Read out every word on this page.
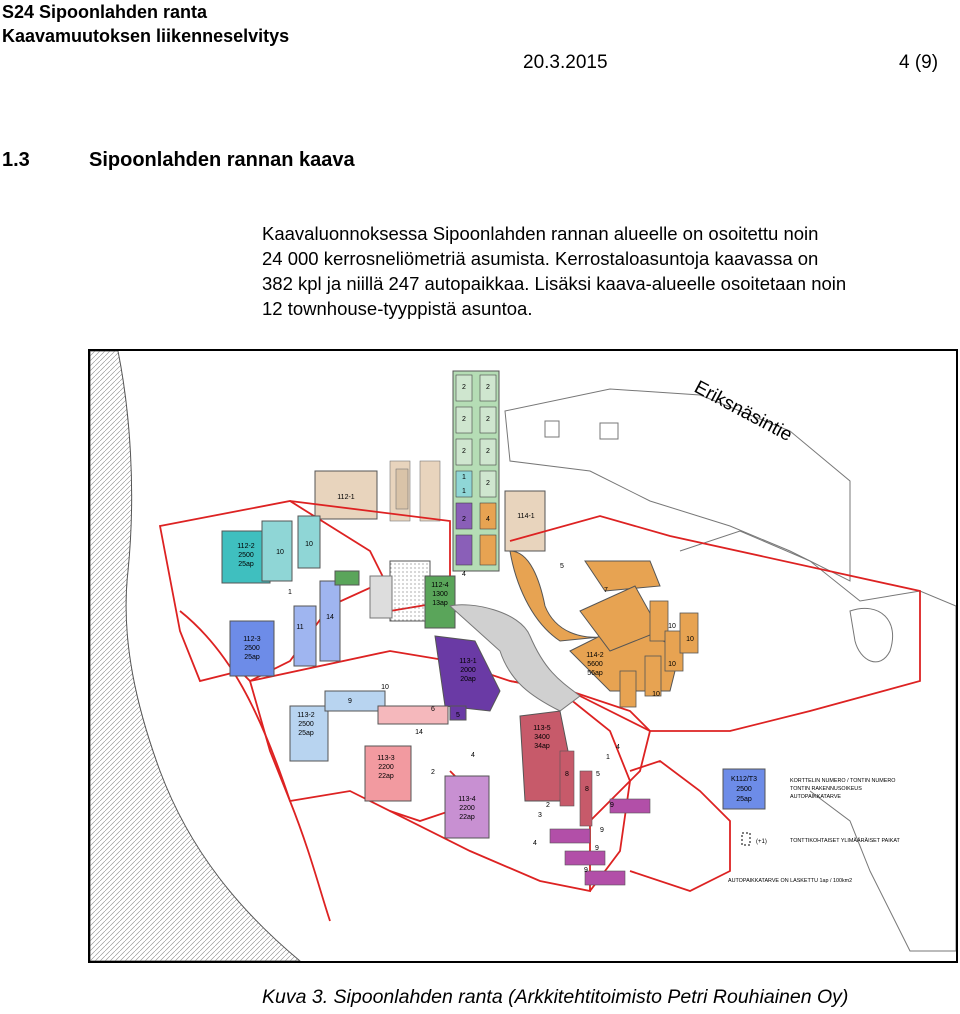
S24 Sipoonlahden ranta
Kaavamuutoksen liikenneselvitys
20.3.2015	4 (9)
1.3	Sipoonlahden rannan kaava
Kaavaluonnoksessa Sipoonlahden rannan alueelle on osoitettu noin
24 000 kerrosneliömetriä asumista. Kerrostaloasuntoja kaavassa on
382 kpl ja niillä 247 autopaikkaa. Lisäksi kaava-alueelle osoitetaan noin
12 townhouse-tyyppistä asuntoa.
112-1
112-2
2500
25ap
112-3
2500
25ap
112-4
1300
13ap
113-1
2000
20ap
113-2
2500
25ap
113-3
2200
22ap
113-4
2200
22ap
113-5
3400
34ap
114-1
114-2
5600
56ap
10
10
1
11
14
10
9
6
5
14
4
2
7
5
10
10
10
10
8
8
5
4
1
9
9
9
9
4
3
2
2	2
2	2
2
1
1
2
2
2
4
4
Eriksnäsintie
K112/T3
2500
25ap
KORTTELIN NUMERO / TONTIN NUMERO
TONTIN RAKENNUSOIKEUS
AUTOPAIKKATARVE
(+1)	TONTTIKOHTAISET YLIMÄÄRÄISET PAIKAT
AUTOPAIKKATARVE ON LASKETTU 1ap / 100km2
Kuva 3. Sipoonlahden ranta (Arkkitehtitoimisto Petri Rouhiainen Oy)
